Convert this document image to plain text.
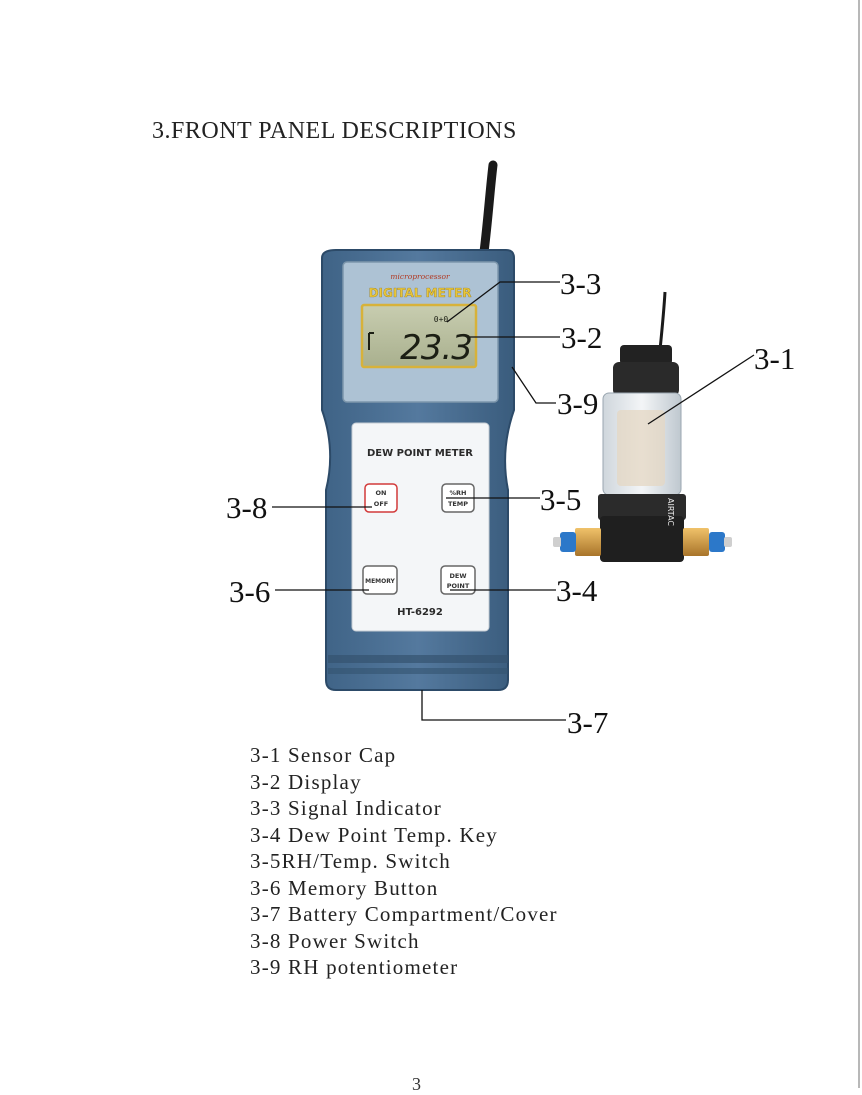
3.FRONT PANEL DESCRIPTIONS
microprocessor
DIGITAL METER
23.3
0+0
DEW POINT METER
ON
OFF
%RH
TEMP
MEMORY
DEW
POINT
HT-6292
AIRTAC
3-3
3-2
3-1
3-9
3-5
3-8
3-6	3-4
3-7
3-1 Sensor Cap
3-2 Display
3-3 Signal Indicator
3-4 Dew Point Temp. Key
3-5RH/Temp. Switch
3-6 Memory Button
3-7 Battery Compartment/Cover
3-8 Power Switch
3-9 RH potentiometer
3
